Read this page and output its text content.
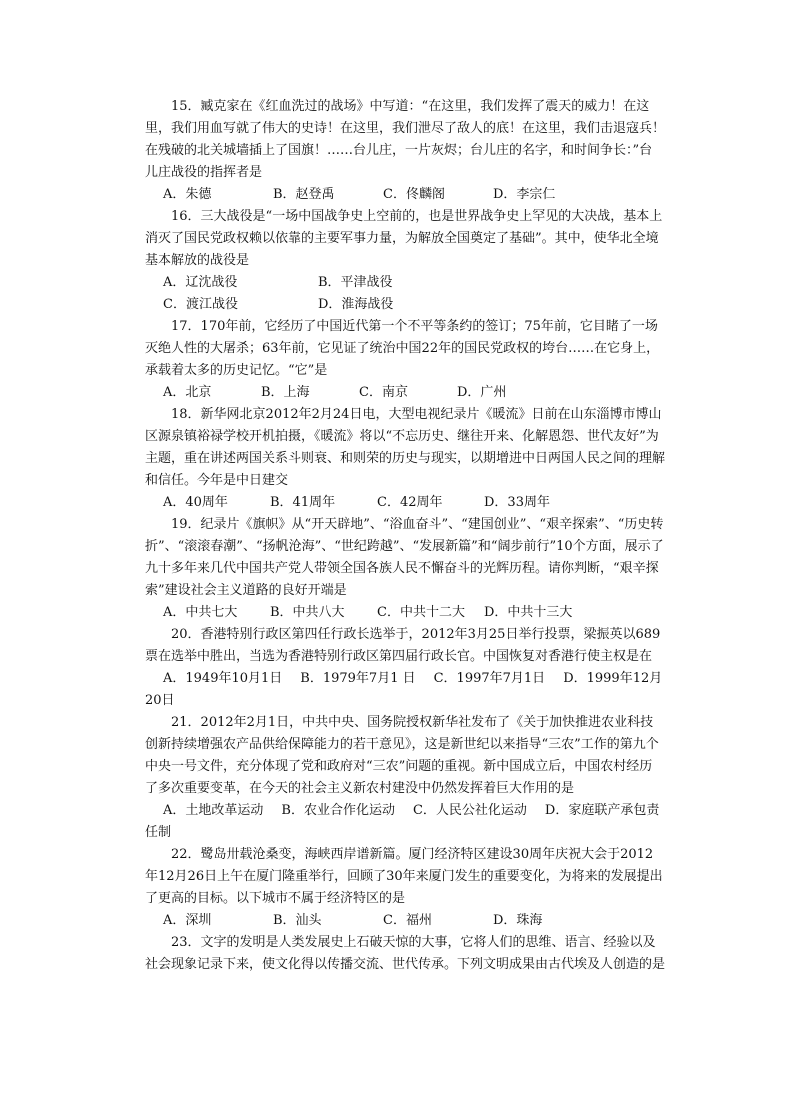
15．臧克家在《红血洗过的战场》中写道：“在这里，我们发挥了震天的威力！在这里，我们用血写就了伟大的史诗！在这里，我们泄尽了敌人的底！在这里，我们击退寇兵！在残破的北关城墙插上了国旗！……台儿庄，一片灰烬；台儿庄的名字，和时间争长：”台儿庄战役的指挥者是

A．朱德	B．赵登禹	C．佟麟阁	D．李宗仁

16．三大战役是“一场中国战争史上空前的，也是世界战争史上罕见的大决战，基本上消灭了国民党政权赖以依靠的主要军事力量，为解放全国奠定了基础”。其中，使华北全境基本解放的战役是

A．辽沈战役	B．平津战役

C．渡江战役	D．淮海战役

17．170年前，它经历了中国近代第一个不平等条约的签订；75年前，它目睹了一场灭绝人性的大屠杀；63年前，它见证了统治中国22年的国民党政权的垮台……在它身上，承载着太多的历史记忆。“它”是

A．北京	B．上海	C．南京	D．广州

18．新华网北京2012年2月24日电，大型电视纪录片《暖流》日前在山东淄博市博山区源泉镇裕禄学校开机拍摄，《暖流》将以“不忘历史、继往开来、化解恩怨、世代友好”为主题，重在讲述两国关系斗则衰、和则荣的历史与现实，以期增进中日两国人民之间的理解和信任。今年是中日建交

A．40周年	B．41周年	C．42周年	D．33周年

19．纪录片《旗帜》从“开天辟地”、“浴血奋斗”、“建国创业”、“艰辛探索”、“历史转折”、“滚滚春潮”、“扬帆沧海”、“世纪跨越”、“发展新篇”和“阔步前行”10个方面，展示了九十多年来几代中国共产党人带领全国各族人民不懈奋斗的光辉历程。请你判断，“艰辛探索”建设社会主义道路的良好开端是

A．中共七大	B．中共八大 C．中共十二大 D．中共十三大

20．香港特别行政区第四任行政长选举于，2012年3月25日举行投票，梁振英以689票在选举中胜出，当选为香港特别行政区第四届行政长官。中国恢复对香港行使主权是在

A．1949年10月1日 B．1979年7月1 日 C．1997年7月1日 D．1999年12月20日

21．2012年2月1日，中共中央、国务院授权新华社发布了《关于加快推进农业科技创新持续增强农产品供给保障能力的若干意见》，这是新世纪以来指导“三农”工作的第九个中央一号文件，充分体现了党和政府对“三农”问题的重视。新中国成立后，中国农村经历了多次重要变革，在今天的社会主义新农村建没中仍然发挥着巨大作用的是

A．土地改革运动 B．农业合作化运动 C．人民公社化运动 D．家庭联产承包责任制

22．鹭岛卅载沧桑变，海峡西岸谱新篇。厦门经济特区建设30周年庆祝大会于2012年12月26日上午在厦门隆重举行，回顾了30年来厦门发生的重要变化，为将来的发展提出了更高的目标。以下城市不属于经济特区的是

A．深圳	B．汕头	C．福州	D．珠海

23．文字的发明是人类发展史上石破天惊的大事，它将人们的思维、语言、经验以及社会现象记录下来，使文化得以传播交流、世代传承。下列文明成果由古代埃及人创造的是
